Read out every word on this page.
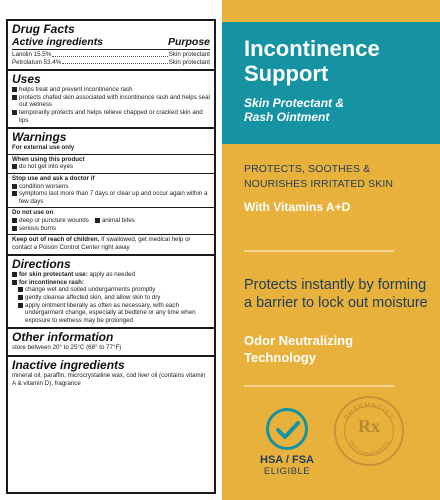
Drug Facts
Active ingredients	Purpose
Lanolin 15.5%	Skin protectant
Petrolatum 53.4%	Skin protectant
Uses
helps treat and prevent incontinence rash
protects chafed skin associated with incontinence rash and helps seal out wetness
temporarily protects and helps relieve chapped or cracked skin and lips
Warnings
For external use only
When using this product
do not get into eyes
Stop use and ask a doctor if
condition worsens
symptoms last more than 7 days or clear up and occur again within a few days
Do not use on
deep or puncture wounds animal bites
serious burns
Keep out of reach of children. If swallowed, get medical help or contact a Poison Control Center right away
Directions
for skin protectant use: apply as needed
for incontinence rash:
change wet and soiled undergarments promptly
gently cleanse affected skin, and allow skin to dry
apply ointment liberally as often as necessary, with each undergarment change, especially at bedtime or any time when exposure to wetness may be prolonged
Other information
store between 20° to 25°C (68° to 77°F)
Inactive ingredients
mineral oil, paraffin, microcrystalline wax, cod liver oil (contains vitamin A & vitamin D), fragrance
Incontinence
Support
Skin Protectant &
Rash Ointment
PROTECTS, SOOTHES &
NOURISHES IRRITATED SKIN
With Vitamins A+D
Protects instantly by forming a barrier to lock out moisture
Odor Neutralizing
Technology
HSA / FSA
ELIGIBLE
PHARMACIST
RECOMMENDED
Rx
